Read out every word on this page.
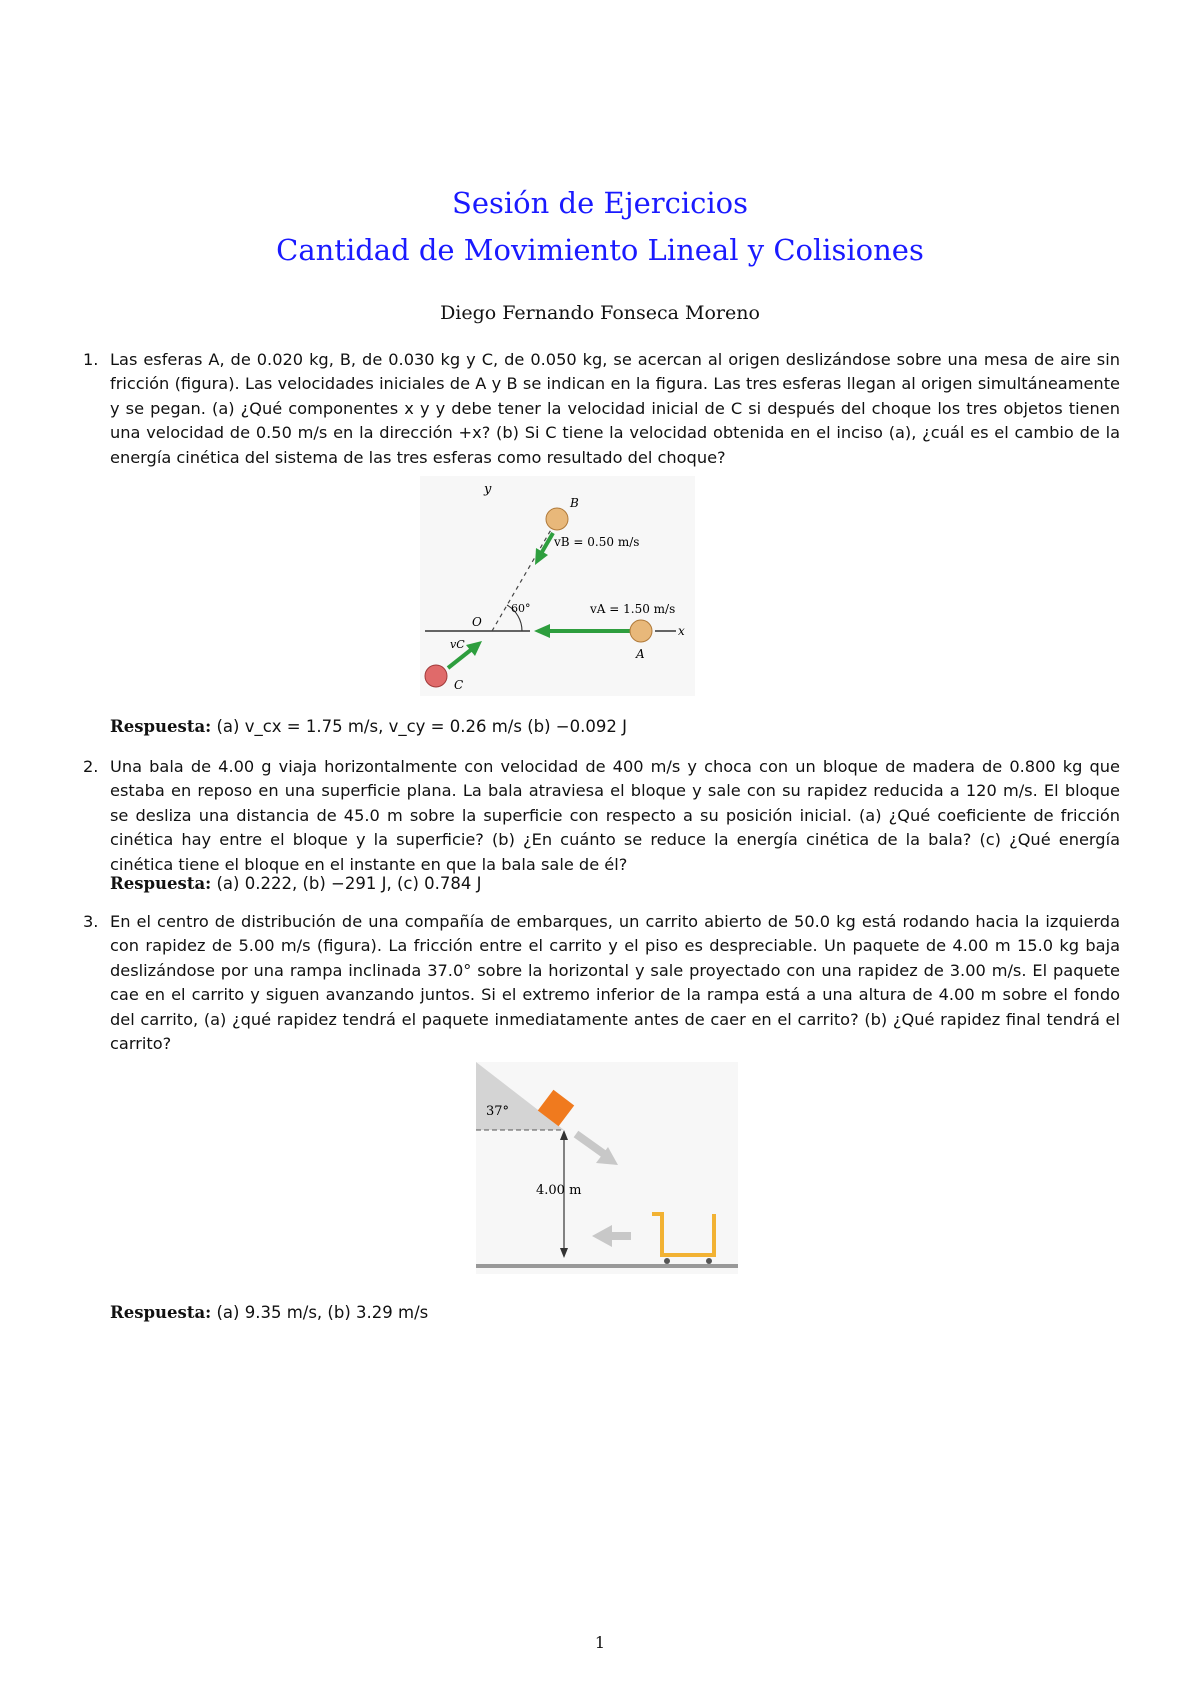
Sesión de Ejercicios
Cantidad de Movimiento Lineal y Colisiones
Diego Fernando Fonseca Moreno
1. Las esferas A, de 0.020 kg, B, de 0.030 kg y C, de 0.050 kg, se acercan al origen deslizándose sobre una mesa de aire sin fricción (figura). Las velocidades iniciales de A y B se indican en la figura. Las tres esferas llegan al origen simultáneamente y se pegan. (a) ¿Qué componentes x y y debe tener la velocidad inicial de C si después del choque los tres objetos tienen una velocidad de 0.50 m/s en la dirección +x? (b) Si C tiene la velocidad obtenida en el inciso (a), ¿cuál es el cambio de la energía cinética del sistema de las tres esferas como resultado del choque?
y
x
O
A
B
C
vB = 0.50 m/s
vA = 1.50 m/s
vC
60°
Respuesta: (a) v_cx = 1.75 m/s, v_cy = 0.26 m/s (b) −0.092 J
2. Una bala de 4.00 g viaja horizontalmente con velocidad de 400 m/s y choca con un bloque de madera de 0.800 kg que estaba en reposo en una superficie plana. La bala atraviesa el bloque y sale con su rapidez reducida a 120 m/s. El bloque se desliza una distancia de 45.0 m sobre la superficie con respecto a su posición inicial. (a) ¿Qué coeficiente de fricción cinética hay entre el bloque y la superficie? (b) ¿En cuánto se reduce la energía cinética de la bala? (c) ¿Qué energía cinética tiene el bloque en el instante en que la bala sale de él?
Respuesta: (a) 0.222, (b) −291 J, (c) 0.784 J
3. En el centro de distribución de una compañía de embarques, un carrito abierto de 50.0 kg está rodando hacia la izquierda con rapidez de 5.00 m/s (figura). La fricción entre el carrito y el piso es despreciable. Un paquete de 4.00 m 15.0 kg baja deslizándose por una rampa inclinada 37.0° sobre la horizontal y sale proyectado con una rapidez de 3.00 m/s. El paquete cae en el carrito y siguen avanzando juntos. Si el extremo inferior de la rampa está a una altura de 4.00 m sobre el fondo del carrito, (a) ¿qué rapidez tendrá el paquete inmediatamente antes de caer en el carrito? (b) ¿Qué rapidez final tendrá el carrito?
37°
4.00 m
Respuesta: (a) 9.35 m/s, (b) 3.29 m/s
1
